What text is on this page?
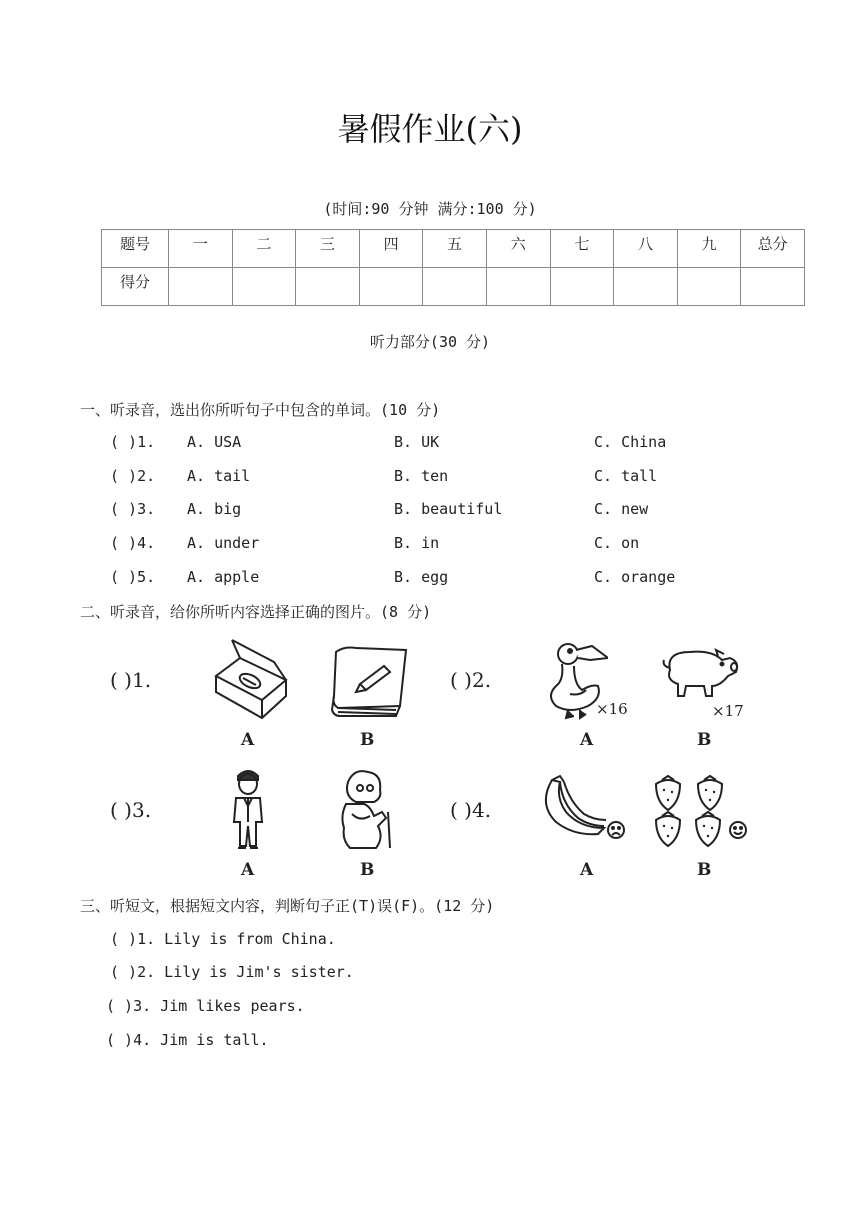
暑假作业(六)
(时间:90 分钟 满分:100 分)
题号	一	二	三	四	五	六	七	八	九	总分
得分										
听力部分(30 分)
一、听录音，选出你所听句子中包含的单词。(10 分)
( )1. A. USA	B. UK	C. China
( )2. A. tail	B. ten	C. tall
( )3. A. big	B. beautiful	C. new
( )4. A. under	B. in	C. on
( )5. A. apple	B. egg	C. orange
二、听录音，给你所听内容选择正确的图片。(8 分)
( )1.
A	B
( )2.
×16	×17
A	B
( )3.
A	B
( )4.
A	B
三、听短文，根据短文内容，判断句子正(T)误(F)。(12 分)
( )1. Lily is from China.
( )2. Lily is Jim's sister.
( )3. Jim likes pears.
( )4. Jim is tall.
